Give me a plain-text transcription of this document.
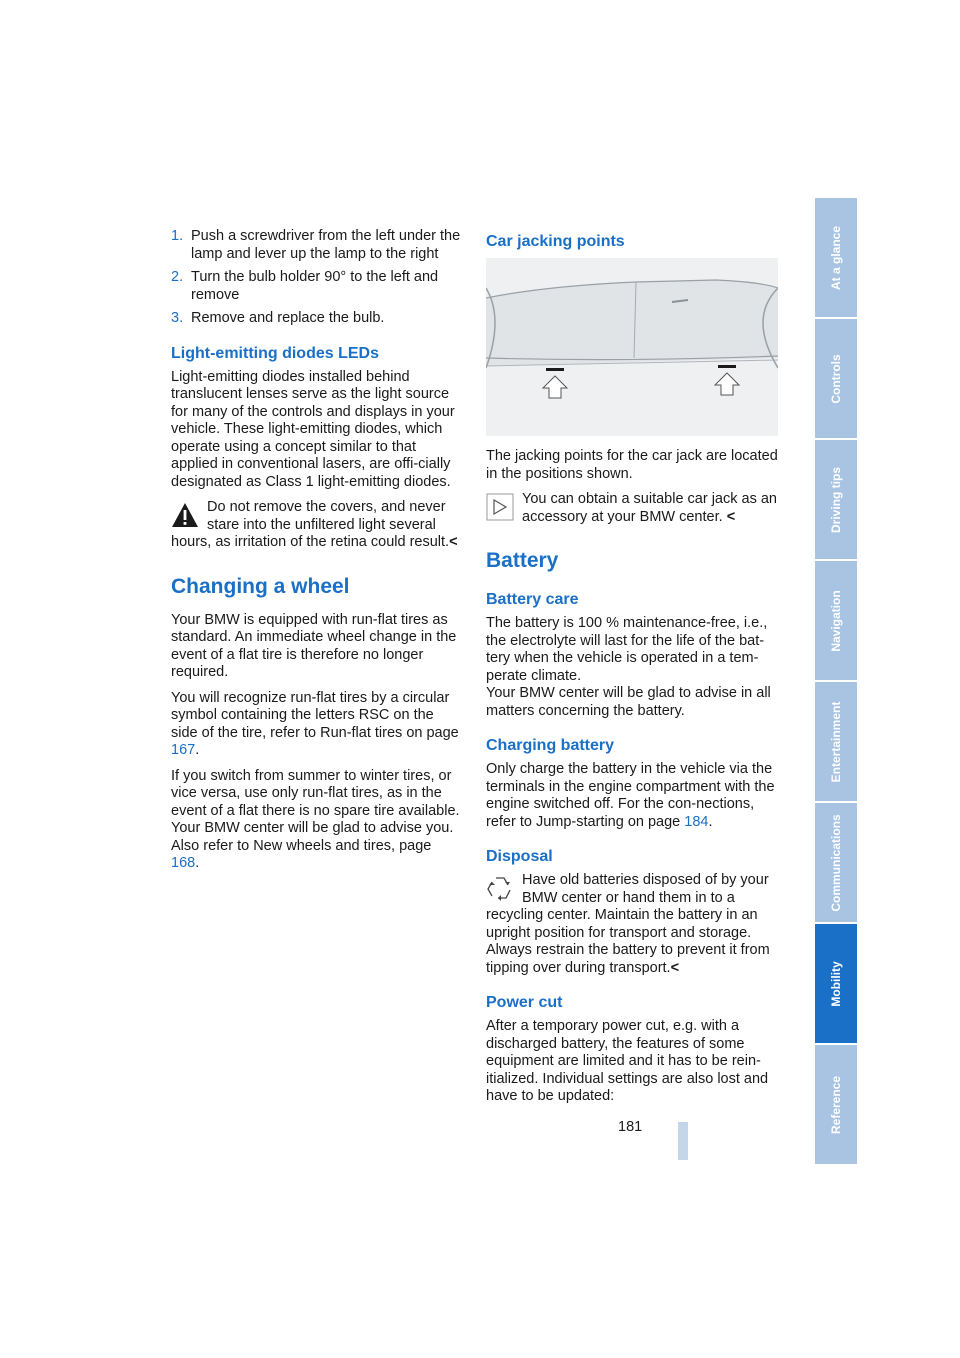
1. Push a screwdriver from the left under the lamp and lever up the lamp to the right
2. Turn the bulb holder 90° to the left and remove
3. Remove and replace the bulb.
Light-emitting diodes LEDs

Light-emitting diodes installed behind translucent lenses serve as the light source for many of the controls and displays in your vehicle. These light-emitting diodes, which operate using a concept similar to that applied in conventional lasers, are offi-cially designated as Class 1 light-emitting diodes.

Do not remove the covers, and never stare into the unfiltered light several
hours, as irritation of the retina could result.<
Changing a wheel

Your BMW is equipped with run-flat tires as standard. An immediate wheel change in the event of a flat tire is therefore no longer required.

You will recognize run-flat tires by a circular symbol containing the letters RSC on the side of the tire, refer to Run-flat tires on page 167.

If you switch from summer to winter tires, or vice versa, use only run-flat tires, as in the event of a flat there is no spare tire available. Your BMW center will be glad to advise you.
Also refer to New wheels and tires, page 168.

Car jacking points

The jacking points for the car jack are located in the positions shown.

You can obtain a suitable car jack as an accessory at your BMW center. <
Battery
Battery care

The battery is 100 % maintenance-free, i.e., the electrolyte will last for the life of the bat-tery when the vehicle is operated in a tem-perate climate.
Your BMW center will be glad to advise in all matters concerning the battery.

Charging battery

Only charge the battery in the vehicle via the terminals in the engine compartment with the engine switched off. For the con-nections, refer to Jump-starting on page 184.

Disposal
Have old batteries disposed of by your BMW center or hand them in to a
recycling center. Maintain the battery in an upright position for transport and storage. Always restrain the battery to prevent it from tipping over during transport.<
Power cut

After a temporary power cut, e.g. with a discharged battery, the features of some equipment are limited and it has to be rein-itialized. Individual settings are also lost and have to be updated:

181
At a glance
Controls
Driving tips
Navigation
Entertainment
Communications
Mobility
Reference
